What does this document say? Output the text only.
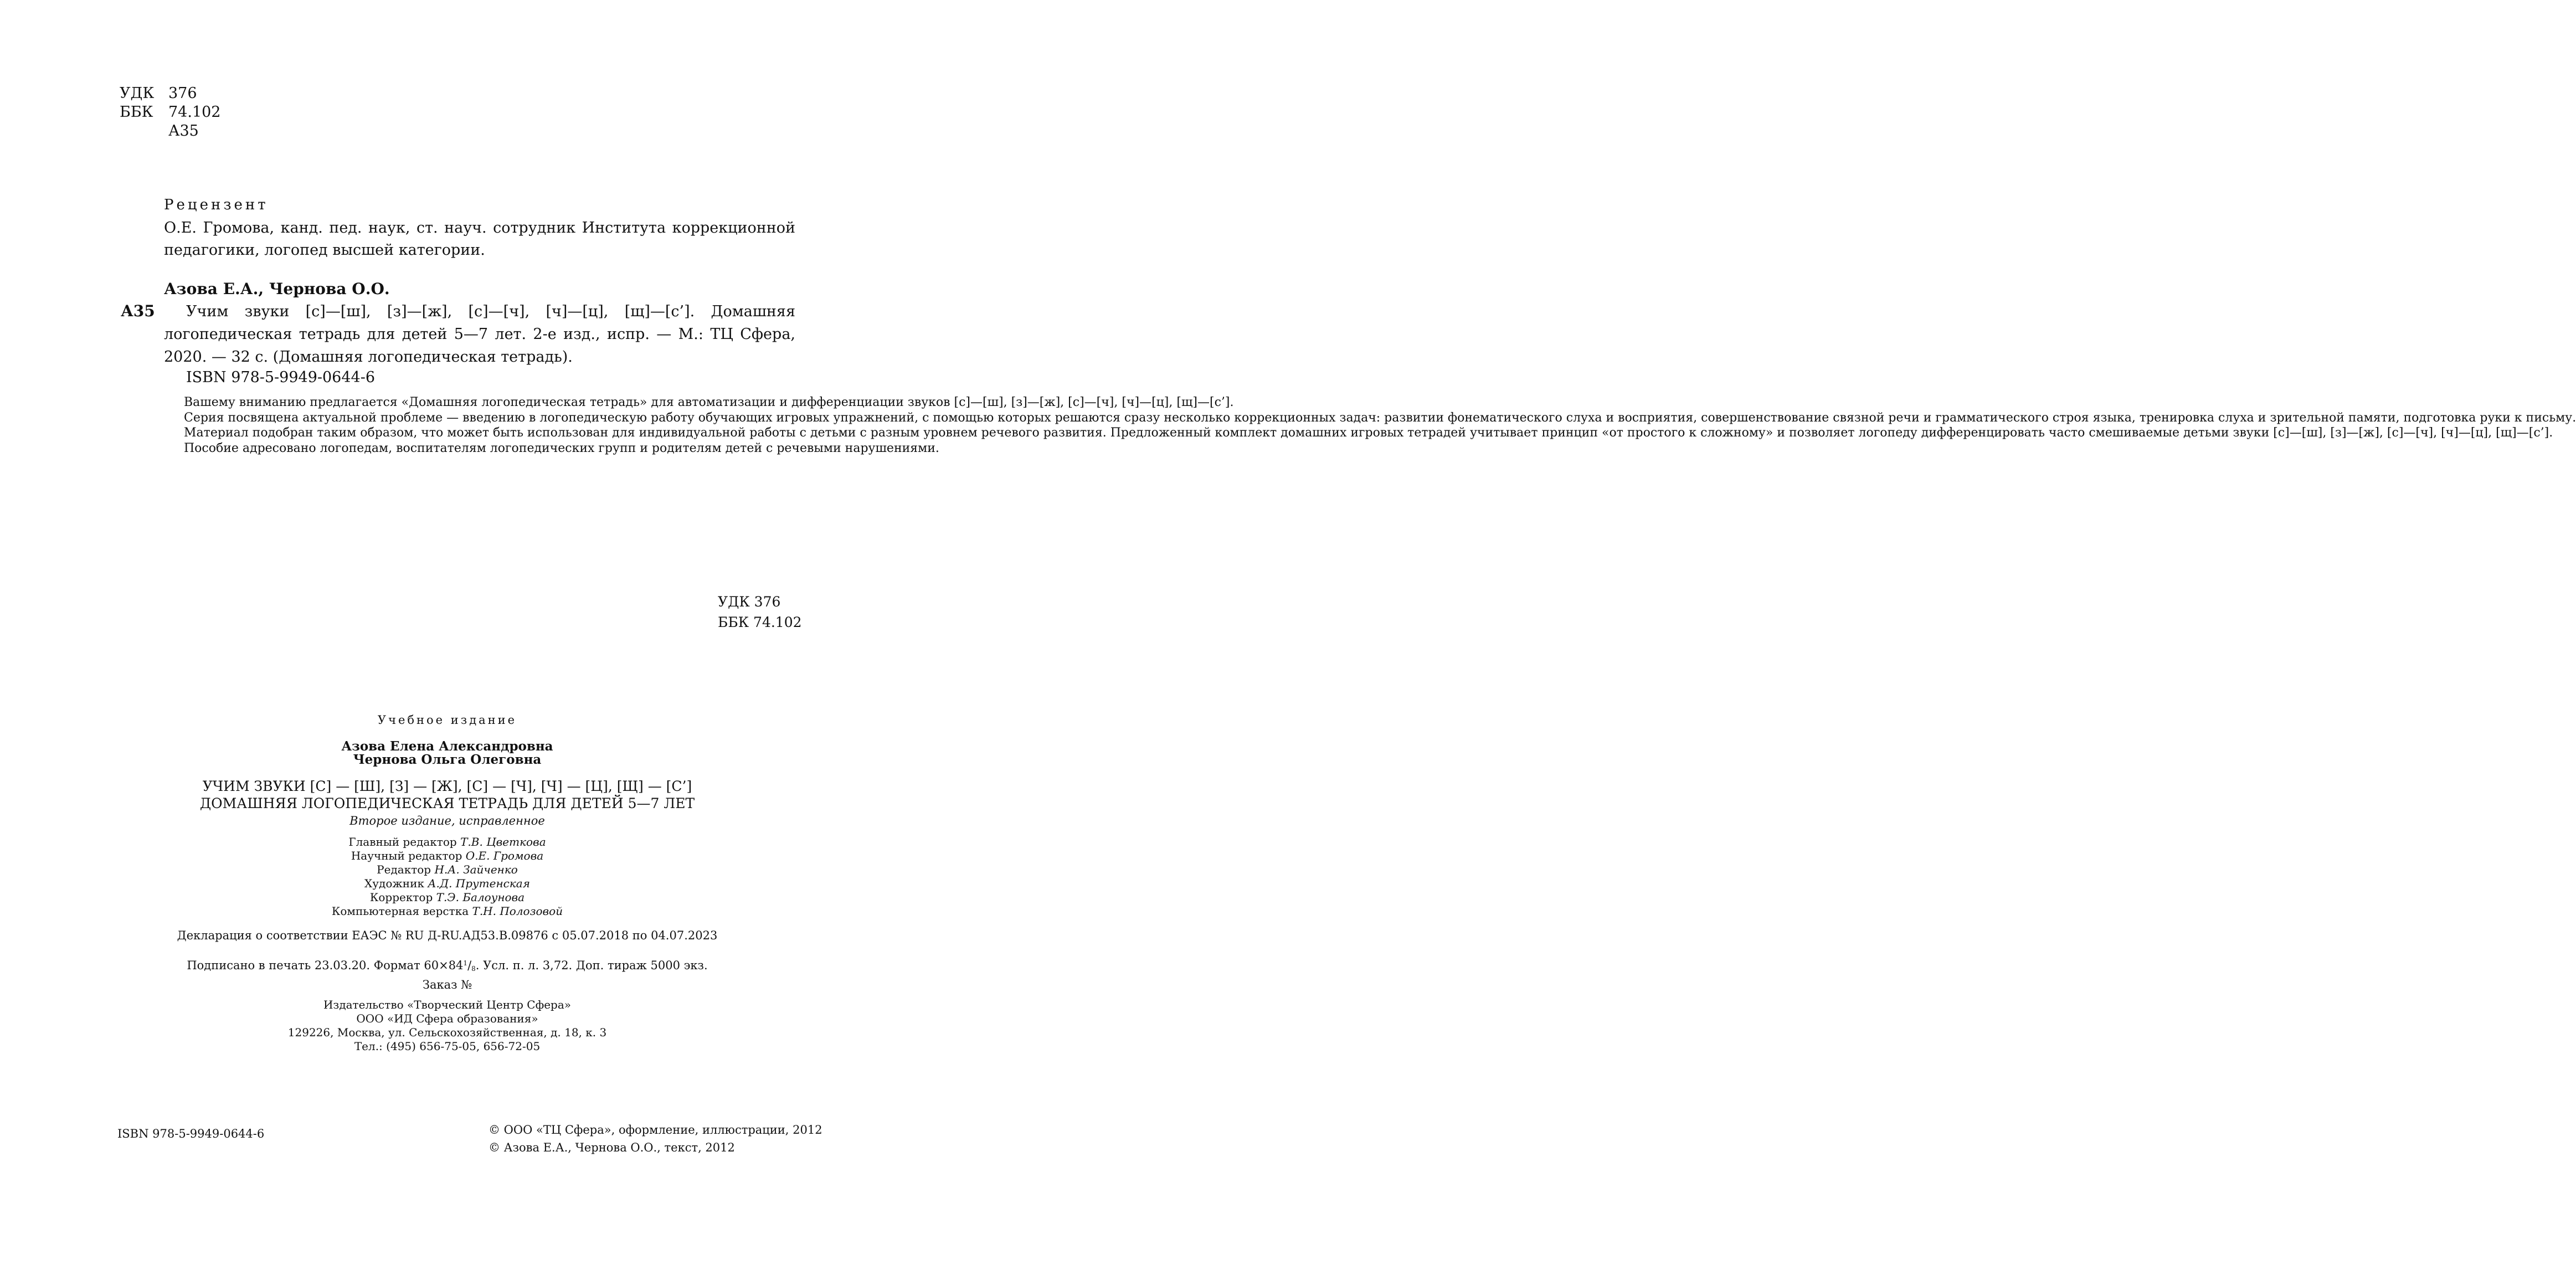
УДК 376
ББК 74.102
А35
Рецензент
О.Е. Громова, канд. пед. наук, ст. науч. сотрудник Института коррекционной педагогики, логопед высшей категории.
Азова Е.А., Чернова О.О.
А35	Учим звуки [с]—[ш], [з]—[ж], [с]—[ч], [ч]—[ц], [щ]—[с’]. Домашняя логопедическая тетрадь для детей 5—7 лет. 2-е изд., испр. — М.: ТЦ Сфера, 2020. — 32 с. (Домашняя логопедическая тетрадь).
ISBN 978-5-9949-0644-6

Вашему вниманию предлагается «Домашняя логопедическая тетрадь» для автоматизации и дифференциации звуков [с]—[ш], [з]—[ж], [с]—[ч], [ч]—[ц], [щ]—[с’].

Серия посвящена актуальной проблеме — введению в логопедическую работу обучающих игровых упражнений, с помощью которых решаются сразу несколько коррекционных задач: развитии фонематического слуха и восприятия, совершенствование связной речи и грамматического строя языка, тренировка слуха и зрительной памяти, подготовка руки к письму.

Материал подобран таким образом, что может быть использован для индивидуальной работы с детьми с разным уровнем речевого развития. Предложенный комплект домашних игровых тетрадей учитывает принцип «от простого к сложному» и позволяет логопеду дифференцировать часто смешиваемые детьми звуки [с]—[ш], [з]—[ж], [с]—[ч], [ч]—[ц], [щ]—[с’].

Пособие адресовано логопедам, воспитателям логопедических групп и родителям детей с речевыми нарушениями.

УДК 376
ББК 74.102
Учебное издание
Азова Елена Александровна
Чернова Ольга Олеговна
УЧИМ ЗВУКИ [С] — [Ш], [З] — [Ж], [С] — [Ч], [Ч] — [Ц], [Щ] — [С’]
ДОМАШНЯЯ ЛОГОПЕДИЧЕСКАЯ ТЕТРАДЬ ДЛЯ ДЕТЕЙ 5—7 ЛЕТ
Второе издание, исправленное
Главный редактор Т.В. Цветкова
Научный редактор О.Е. Громова
Редактор Н.А. Зайченко
Художник А.Д. Прутенская
Корректор Т.Э. Балоунова
Компьютерная верстка Т.Н. Полозовой
Декларация о соответствии ЕАЭС № RU Д-RU.АД53.В.09876 с 05.07.2018 по 04.07.2023
Подписано в печать 23.03.20. Формат $60\times 84^1/_8$. Усл. п. л. 3,72. Доп. тираж 5000 экз.
Заказ №
Издательство «Творческий Центр Сфера»
ООО «ИД Сфера образования»
129226, Москва, ул. Сельскохозяйственная, д. 18, к. 3
Тел.: (495) 656-75-05, 656-72-05
ISBN 978-5-9949-0644-6	© ООО «ТЦ Сфера», оформление, иллюстрации, 2012
© Азова Е.А., Чернова О.О., текст, 2012
